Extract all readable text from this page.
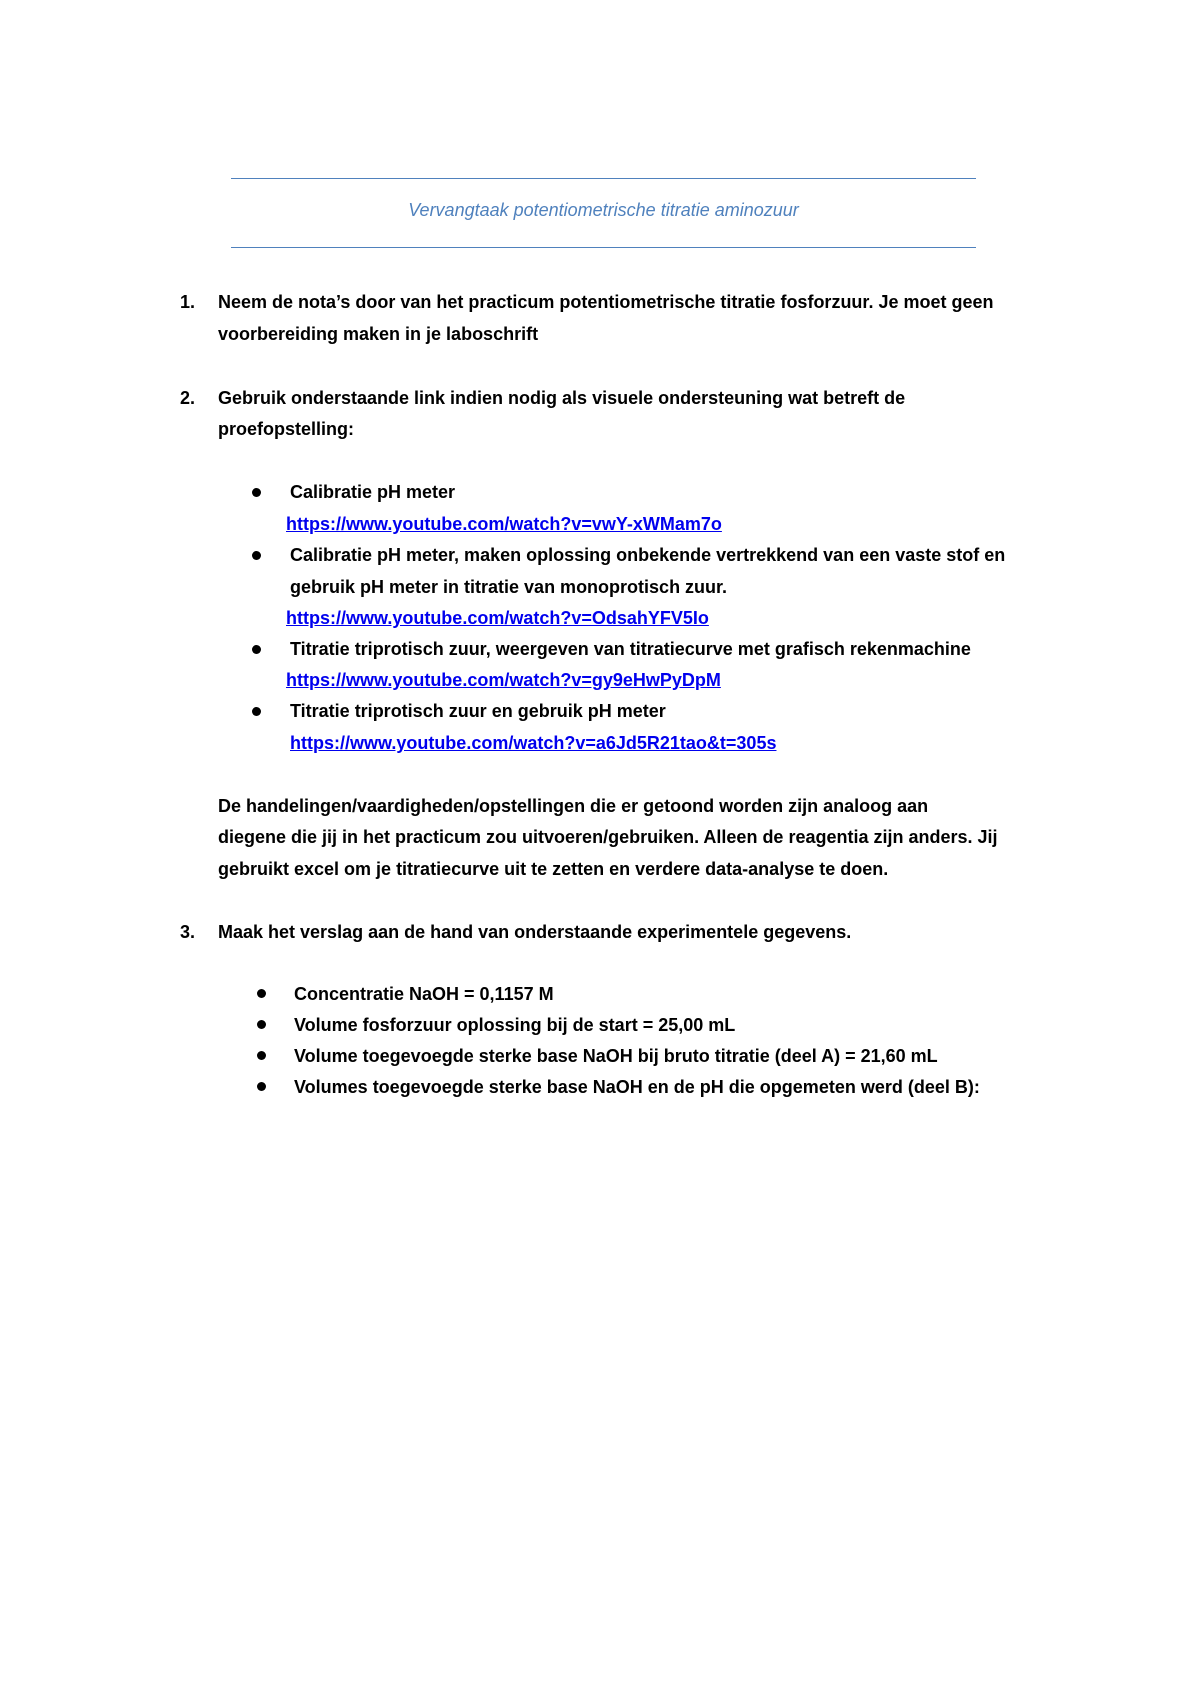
Vervangtaak potentiometrische titratie aminozuur
1. Neem de nota’s door van het practicum potentiometrische titratie fosforzuur. Je moet geen
voorbereiding maken in je laboschrift
2. Gebruik onderstaande link indien nodig als visuele ondersteuning wat betreft de
proefopstelling:
Calibratie pH meter
https://www.youtube.com/watch?v=vwY-xWMam7o
Calibratie pH meter, maken oplossing onbekende vertrekkend van een vaste stof en
gebruik pH meter in titratie van monoprotisch zuur.
https://www.youtube.com/watch?v=OdsahYFV5Io
Titratie triprotisch zuur, weergeven van titratiecurve met grafisch rekenmachine
https://www.youtube.com/watch?v=gy9eHwPyDpM
Titratie triprotisch zuur en gebruik pH meter
https://www.youtube.com/watch?v=a6Jd5R21tao&t=305s
De handelingen/vaardigheden/opstellingen die er getoond worden zijn analoog aan
diegene die jij in het practicum zou uitvoeren/gebruiken. Alleen de reagentia zijn anders. Jij
gebruikt excel om je titratiecurve uit te zetten en verdere data-analyse te doen.
3. Maak het verslag aan de hand van onderstaande experimentele gegevens.
Concentratie NaOH = 0,1157 M
Volume fosforzuur oplossing bij de start = 25,00 mL
Volume toegevoegde sterke base NaOH bij bruto titratie (deel A) = 21,60 mL
Volumes toegevoegde sterke base NaOH en de pH die opgemeten werd (deel B):
